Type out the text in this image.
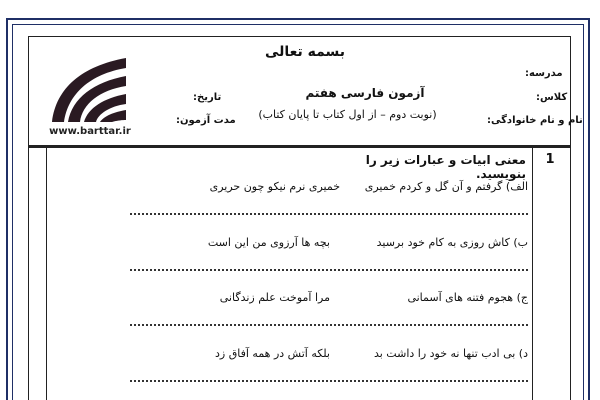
بسمه تعالی
مدرسه:
کلاس:
نام و نام خانوادگی:
تاریخ:
مدت آزمون:
آزمون فارسی هفتم
(نوبت دوم – از اول کتاب تا پایان کتاب)
www.barttar.ir
1
معنی ابیات و عبارات زیر را بنویسید.
الف) گرفتم و آن گل و کردم خمیری
خمیری نرم نیکو چون حریری
ب) کاش روزی به کام خود برسید
بچه ها آرزوی من این است
ج) هجوم فتنه های آسمانی
مرا آموخت علم زندگانی
د) بی ادب تنها نه خود را داشت بد
بلکه آتش در همه آفاق زد
